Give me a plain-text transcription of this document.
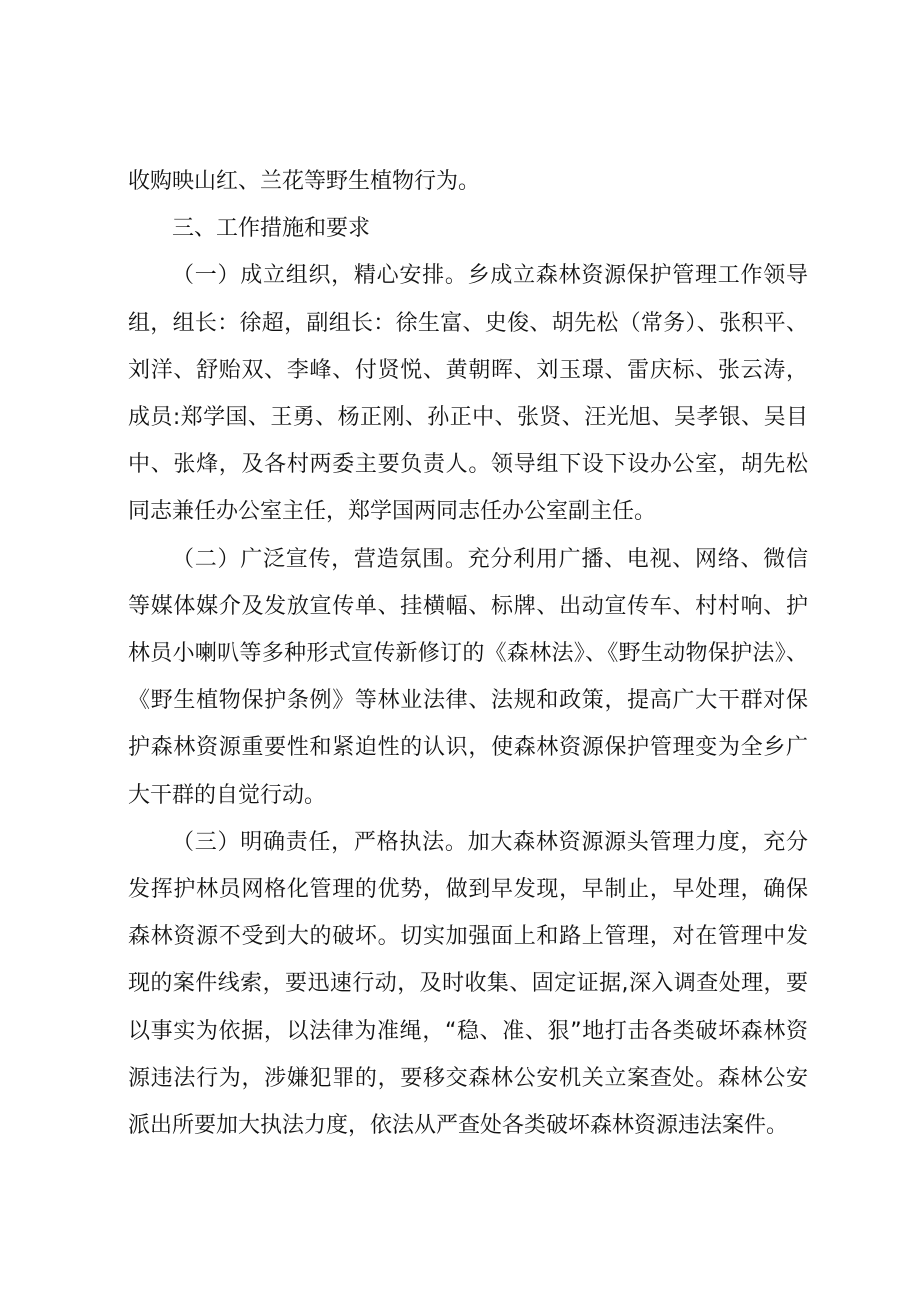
收购映山红、兰花等野生植物行为。

三、工作措施和要求

（一）成立组织，精心安排。乡成立森林资源保护管理工作领导组，组长：徐超，副组长：徐生富、史俊、胡先松（常务）、张积平、刘洋、舒贻双、李峰、付贤悦、黄朝晖、刘玉璟、雷庆标、张云涛，成员:郑学国、王勇、杨正刚、孙正中、张贤、汪光旭、吴孝银、吴目中、张烽，及各村两委主要负责人。领导组下设下设办公室，胡先松同志兼任办公室主任，郑学国两同志任办公室副主任。

（二）广泛宣传，营造氛围。充分利用广播、电视、网络、微信等媒体媒介及发放宣传单、挂横幅、标牌、出动宣传车、村村响、护林员小喇叭等多种形式宣传新修订的《森林法》、《野生动物保护法》、《野生植物保护条例》等林业法律、法规和政策，提高广大干群对保护森林资源重要性和紧迫性的认识，使森林资源保护管理变为全乡广大干群的自觉行动。

（三）明确责任，严格执法。加大森林资源源头管理力度，充分发挥护林员网格化管理的优势，做到早发现，早制止，早处理，确保森林资源不受到大的破坏。切实加强面上和路上管理，对在管理中发现的案件线索，要迅速行动，及时收集、固定证据,深入调查处理，要以事实为依据，以法律为准绳，“稳、准、狠”地打击各类破坏森林资源违法行为，涉嫌犯罪的，要移交森林公安机关立案查处。森林公安派出所要加大执法力度，依法从严查处各类破坏森林资源违法案件。
